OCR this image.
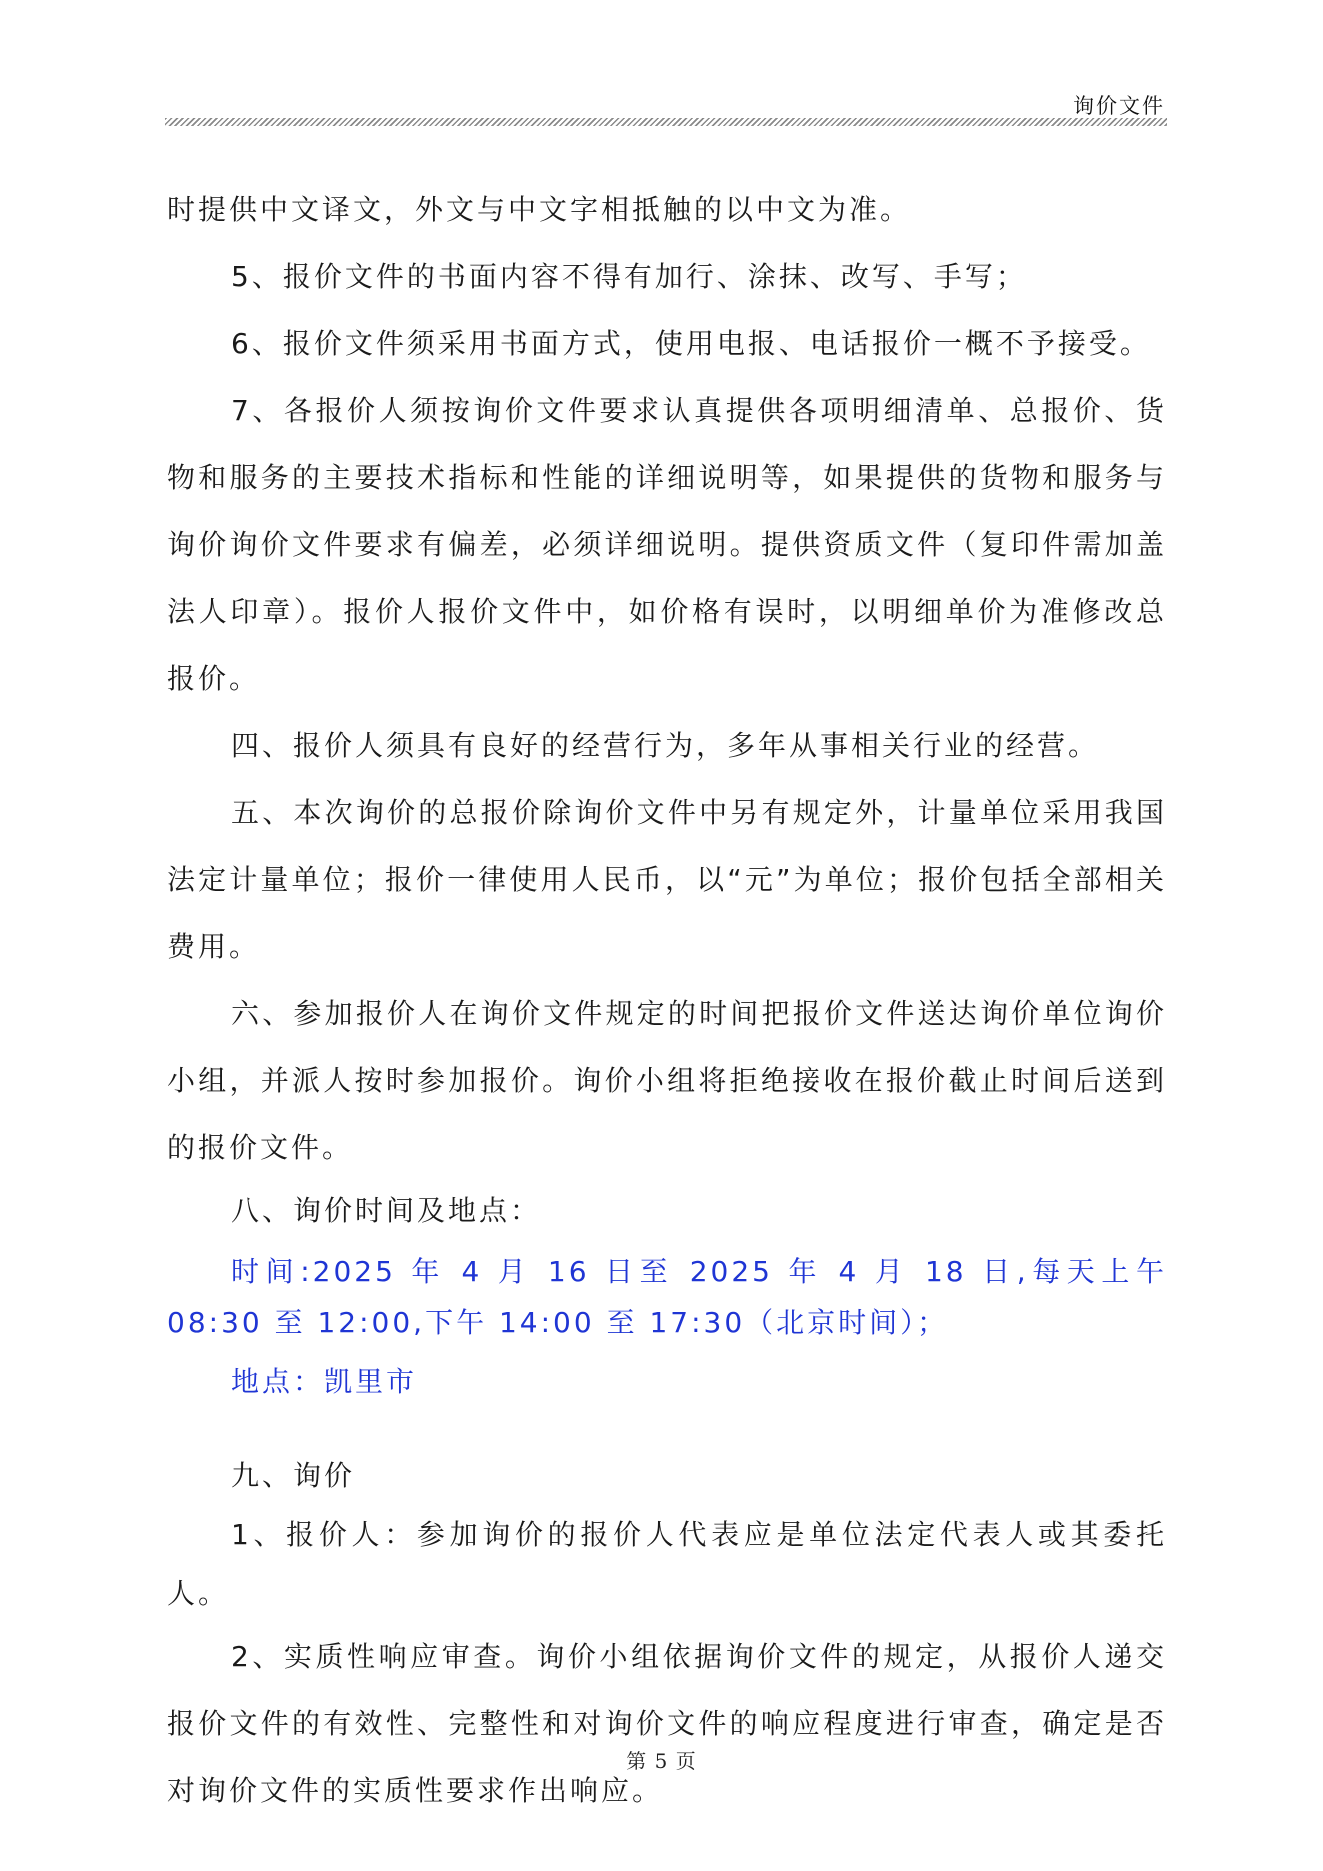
询价文件

时提供中文译文，外文与中文字相抵触的以中文为准。

5、报价文件的书面内容不得有加行、涂抹、改写、手写；

6、报价文件须采用书面方式，使用电报、电话报价一概不予接受。

7、各报价人须按询价文件要求认真提供各项明细清单、总报价、货物和服务的主要技术指标和性能的详细说明等，如果提供的货物和服务与询价询价文件要求有偏差，必须详细说明。提供资质文件（复印件需加盖法人印章）。报价人报价文件中，如价格有误时，以明细单价为准修改总报价。

四、报价人须具有良好的经营行为，多年从事相关行业的经营。

五、本次询价的总报价除询价文件中另有规定外，计量单位采用我国法定计量单位；报价一律使用人民币，以“元”为单位；报价包括全部相关费用。

六、参加报价人在询价文件规定的时间把报价文件送达询价单位询价小组，并派人按时参加报价。询价小组将拒绝接收在报价截止时间后送到的报价文件。

八、询价时间及地点：

时间:2025 年 4 月 16 日至 2025 年 4 月 18 日,每天上午 08:30 至 12:00,下午 14:00 至 17:30（北京时间）；

地点：凯里市

九、询价

1、报价人：参加询价的报价人代表应是单位法定代表人或其委托人。

2、实质性响应审查。询价小组依据询价文件的规定，从报价人递交报价文件的有效性、完整性和对询价文件的响应程度进行审查，确定是否对询价文件的实质性要求作出响应。

第 5 页
